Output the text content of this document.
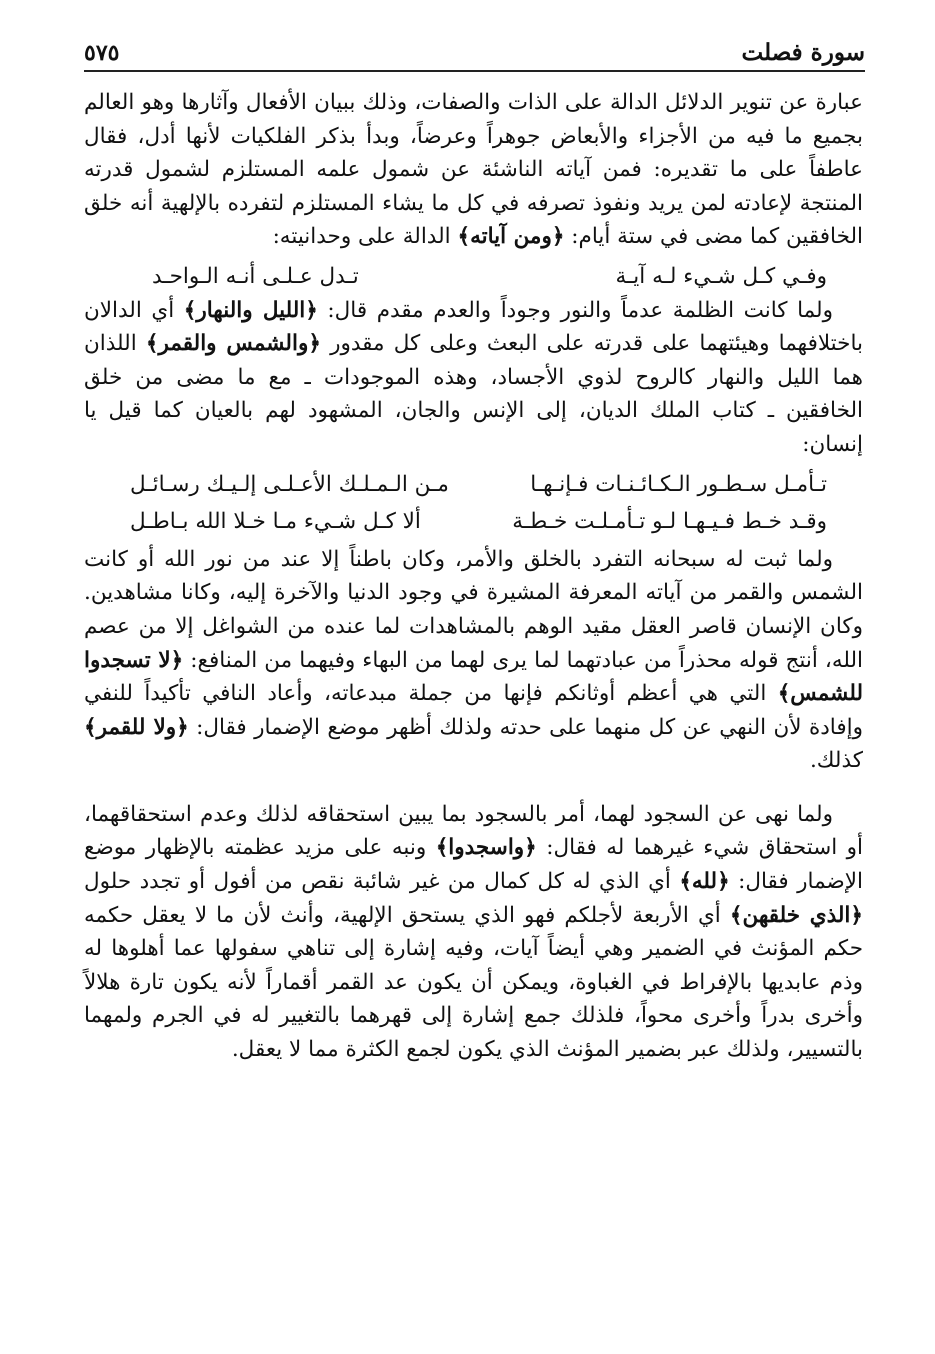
سورة فصلت
٥٧٥

عبارة عن تنوير الدلائل الدالة على الذات والصفات، وذلك ببيان الأفعال وآثارها وهو العالم بجميع ما فيه من الأجزاء والأبعاض جوهراً وعرضاً، وبدأ بذكر الفلكيات لأنها أدل، فقال عاطفاً على ما تقديره: فمن آياته الناشئة عن شمول علمه المستلزم لشمول قدرته المنتجة لإعادته لمن يريد ونفوذ تصرفه في كل ما يشاء المستلزم لتفرده بالإلهية أنه خلق الخافقين كما مضى في ستة أيام: ﴿ومن آياته﴾ الدالة على وحدانيته:

وفـي كـل شـيء لـه آيـة
تـدل عـلـى أنـه الـواحـد

ولما كانت الظلمة عدماً والنور وجوداً والعدم مقدم قال: ﴿الليل والنهار﴾ أي الدالان باختلافهما وهيئتهما على قدرته على البعث وعلى كل مقدور ﴿والشمس والقمر﴾ اللذان هما الليل والنهار كالروح لذوي الأجساد، وهذه الموجودات ـ مع ما مضى من خلق الخافقين ـ كتاب الملك الديان، إلى الإنس والجان، المشهود لهم بالعيان كما قيل يا إنسان:

تـأمـل سـطـور الـكـائـنـات فـإنـهـا
مـن الـمـلـك الأعـلـى إلـيـك رسـائـل
وقـد خـط فـيـهـا لـو تـأمـلـت خـطـة
ألا كـل شـيء مـا خـلا الله بـاطـل

ولما ثبت له سبحانه التفرد بالخلق والأمر، وكان باطناً إلا عند من نور الله أو كانت الشمس والقمر من آياته المعرفة المشيرة في وجود الدنيا والآخرة إليه، وكانا مشاهدين. وكان الإنسان قاصر العقل مقيد الوهم بالمشاهدات لما عنده من الشواغل إلا من عصم الله، أنتج قوله محذراً من عبادتهما لما يرى لهما من البهاء وفيهما من المنافع: ﴿لا تسجدوا للشمس﴾ التي هي أعظم أوثانكم فإنها من جملة مبدعاته، وأعاد النافي تأكيداً للنفي وإفادة لأن النهي عن كل منهما على حدته ولذلك أظهر موضع الإضمار فقال: ﴿ولا للقمر﴾ كذلك.

ولما نهى عن السجود لهما، أمر بالسجود بما يبين استحقاقه لذلك وعدم استحقاقهما، أو استحقاق شيء غيرهما له فقال: ﴿واسجدوا﴾ ونبه على مزيد عظمته بالإظهار موضع الإضمار فقال: ﴿لله﴾ أي الذي له كل كمال من غير شائبة نقص من أفول أو تجدد حلول ﴿الذي خلقهن﴾ أي الأربعة لأجلكم فهو الذي يستحق الإلهية، وأنث لأن ما لا يعقل حكمه حكم المؤنث في الضمير وهي أيضاً آيات، وفيه إشارة إلى تناهي سفولها عما أهلوها له وذم عابديها بالإفراط في الغباوة، ويمكن أن يكون عد القمر أقماراً لأنه يكون تارة هلالاً وأخرى بدراً وأخرى محواً، فلذلك جمع إشارة إلى قهرهما بالتغيير له في الجرم ولمهما بالتسيير، ولذلك عبر بضمير المؤنث الذي يكون لجمع الكثرة مما لا يعقل.
